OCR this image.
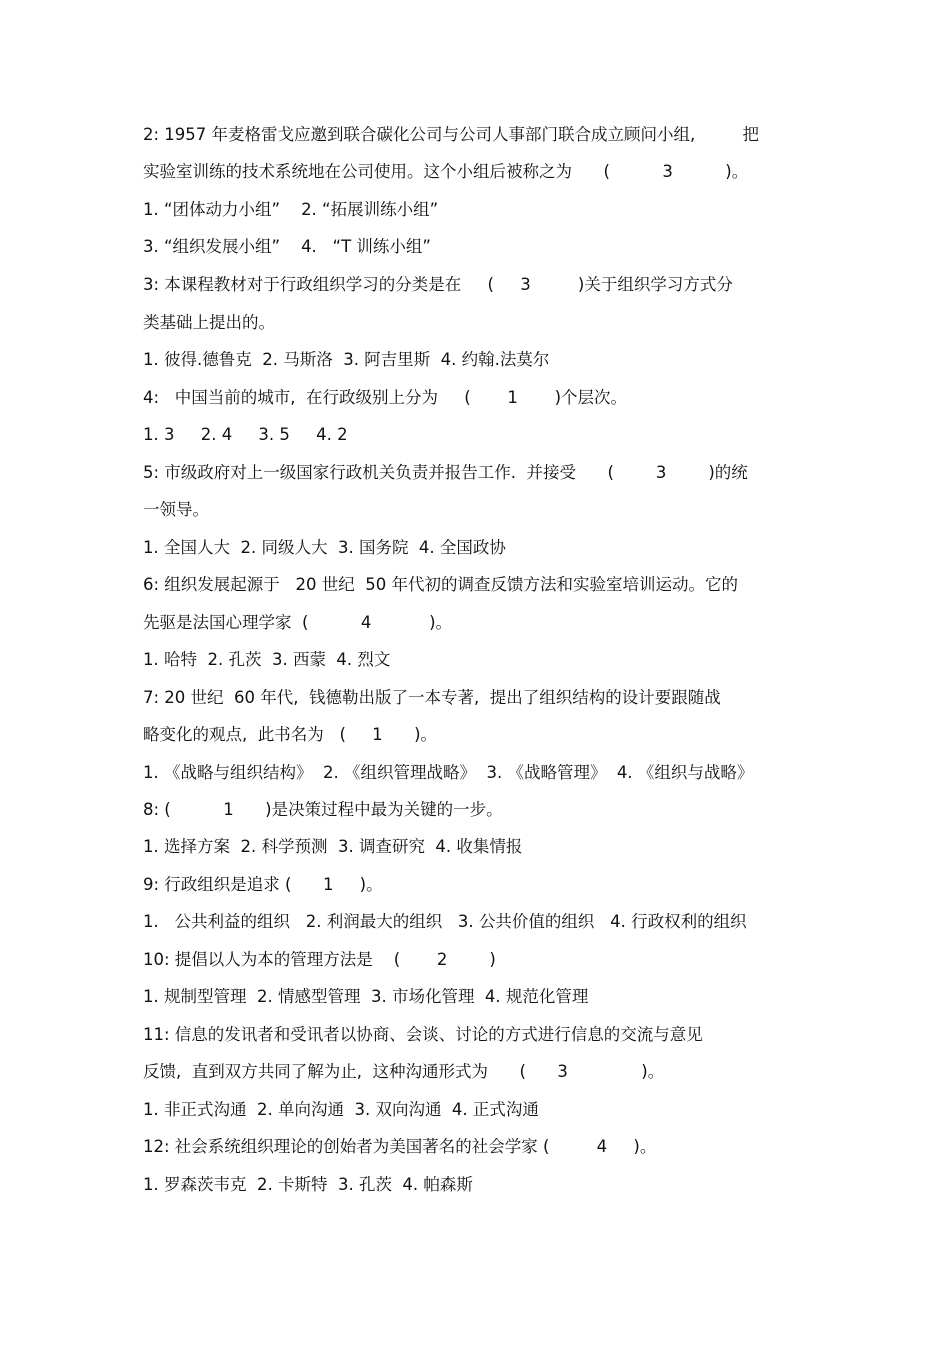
2: 1957 年麦格雷戈应邀到联合碳化公司与公司人事部门联合成立顾问小组,         把
实验室训练的技术系统地在公司使用。这个小组后被称之为      (          3          )。
1. “团体动力小组”    2. “拓展训练小组”
3. “组织发展小组”    4.   “T 训练小组”
3: 本课程教材对于行政组织学习的分类是在     (     3         )关于组织学习方式分
类基础上提出的。
1. 彼得.德鲁克  2. 马斯洛  3. 阿吉里斯  4. 约翰.法莫尔
4:   中国当前的城市,  在行政级别上分为     (       1       )个层次。
1. 3     2. 4     3. 5     4. 2
5: 市级政府对上一级国家行政机关负责并报告工作.  并接受      (        3        )的统
一领导。
1. 全国人大  2. 同级人大  3. 国务院  4. 全国政协
6: 组织发展起源于   20 世纪  50 年代初的调查反馈方法和实验室培训运动。它的
先驱是法国心理学家  (          4           )。
1. 哈特  2. 孔茨  3. 西蒙  4. 烈文
7: 20 世纪  60 年代,  钱德勒出版了一本专著,  提出了组织结构的设计要跟随战
略变化的观点,  此书名为   (     1      )。
1. 《战略与组织结构》  2. 《组织管理战略》  3. 《战略管理》  4. 《组织与战略》
8: (          1      )是决策过程中最为关键的一步。
1. 选择方案  2. 科学预测  3. 调查研究  4. 收集情报
9: 行政组织是追求 (      1     )。
1.   公共利益的组织   2. 利润最大的组织   3. 公共价值的组织   4. 行政权利的组织
10: 提倡以人为本的管理方法是    (       2        )
1. 规制型管理  2. 情感型管理  3. 市场化管理  4. 规范化管理
11: 信息的发讯者和受讯者以协商、会谈、讨论的方式进行信息的交流与意见
反馈,  直到双方共同了解为止,  这种沟通形式为      (      3              )。
1. 非正式沟通  2. 单向沟通  3. 双向沟通  4. 正式沟通
12: 社会系统组织理论的创始者为美国著名的社会学家 (         4     )。
1. 罗森茨韦克  2. 卡斯特  3. 孔茨  4. 帕森斯
